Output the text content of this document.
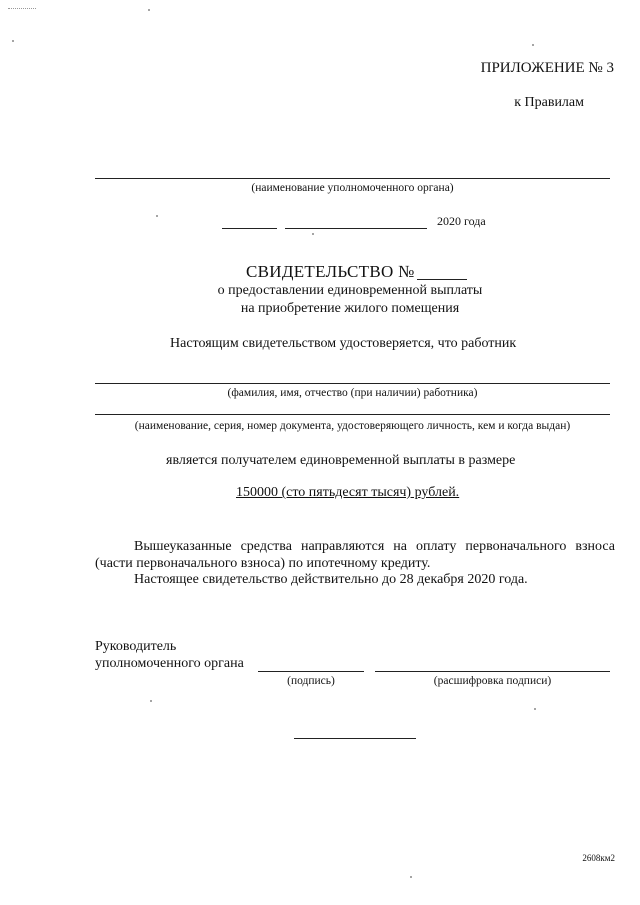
ПРИЛОЖЕНИЕ № 3
к Правилам
(наименование уполномоченного органа)
2020 года
СВИДЕТЕЛЬСТВО №
о предоставлении единовременной выплаты
на приобретение жилого помещения
Настоящим свидетельством удостоверяется, что работник
(фамилия, имя, отчество (при наличии) работника)
(наименование, серия, номер документа, удостоверяющего личность, кем и когда выдан)
является получателем единовременной выплаты в размере
150000 (сто пятьдесят тысяч) рублей.
Вышеуказанные средства направляются на оплату первоначального взноса (части первоначального взноса) по ипотечному кредиту.
Настоящее свидетельство действительно до 28 декабря 2020 года.
Руководитель
уполномоченного органа
(подпись)	(расшифровка подписи)
2608км2
